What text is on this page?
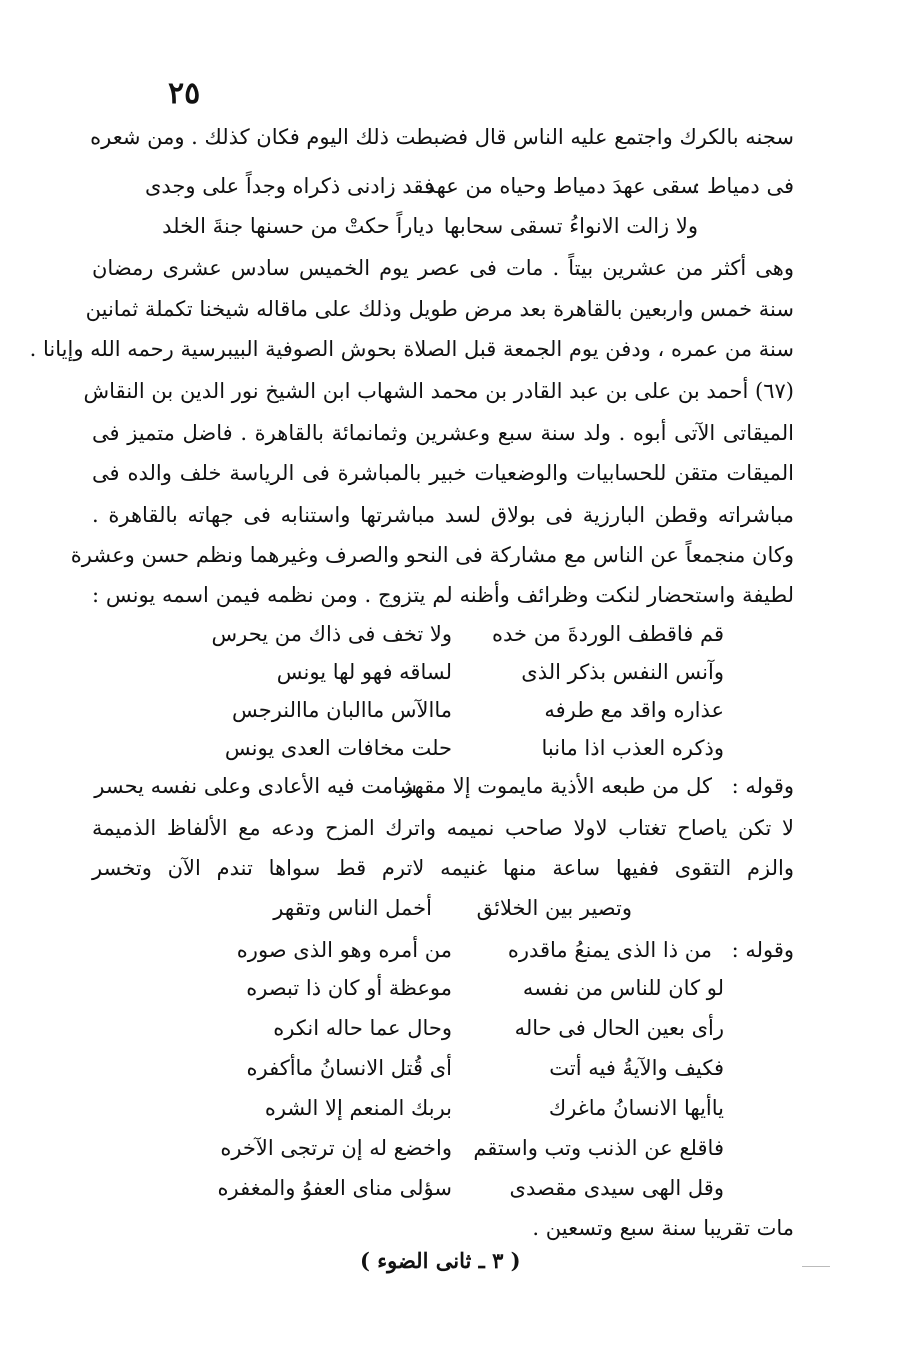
٢٥
سجنه بالكرك واجتمع عليه الناس قال فضبطت ذلك اليوم فكان كذلك . ومن شعره
فى دمياط :
سقى عهدَ دمياط وحياه من عهد
فقد زادنى ذكراه وجداً على وجدى
ولا زالت الانواءُ تسقى سحابها
دياراً حكتْ من حسنها جنةَ الخلد
وهى أكثر من عشرين بيتاً . مات فى عصر يوم الخميس سادس عشرى رمضان
سنة خمس واربعين بالقاهرة بعد مرض طويل وذلك على ماقاله شيخنا تكملة ثمانين
سنة من عمره ، ودفن يوم الجمعة قبل الصلاة بحوش الصوفية البيبرسية رحمه الله وإيانا .
(٦٧) أحمد بن على بن عبد القادر بن محمد الشهاب ابن الشيخ نور الدين بن النقاش
الميقاتى الآتى أبوه . ولد سنة سبع وعشرين وثمانمائة بالقاهرة . فاضل متميز فى
الميقات متقن للحسابيات والوضعيات خبير بالمباشرة فى الرياسة خلف والده فى
مباشراته وقطن البارزية فى بولاق لسد مباشرتها واستنابه فى جهاته بالقاهرة .
وكان منجمعاً عن الناس مع مشاركة فى النحو والصرف وغيرهما ونظم حسن وعشرة
لطيفة واستحضار لنكت وظرائف وأظنه لم يتزوج . ومن نظمه فيمن اسمه يونس :
قم فاقطف الوردةَ من خده
ولا تخف فى ذاك من يحرس
وآنس النفس بذكر الذى
لساقه فهو لها يونس
عذاره واقد مع طرفه
ماالآس ماالبان ماالنرجس
وذكره العذب اذا مانبا
حلت مخافات العدى يونس
وقوله :
كل من طبعه الأذية مايموت إلا مقهر
شامت فيه الأعادى وعلى نفسه يحسر
لا تكن ياصاح تغتاب لاولا صاحب نميمه واترك المزح ودعه مع الألفاظ الذميمة
والزم التقوى ففيها ساعة منها غنيمه لاترم قط سواها تندم الآن وتخسر
وتصير بين الخلائق
أخمل الناس وتقهر
وقوله :
من ذا الذى يمنعُ ماقدره
من أمره وهو الذى صوره
لو كان للناس من نفسه
موعظة أو كان ذا تبصره
رأى بعين الحال فى حاله
وحال عما حاله انكره
فكيف والآيةُ فيه أتت
أى قُتل الانسانُ ماأكفره
ياأيها الانسانُ ماغرك
بربك المنعم إلا الشره
فاقلع عن الذنب وتب واستقم
واخضع له إن ترتجى الآخره
وقل الهى سيدى مقصدى
سؤلى مناى العفوُ والمغفره
مات تقريبا سنة سبع وتسعين .
( ٣ ـ ثانى الضوء )
